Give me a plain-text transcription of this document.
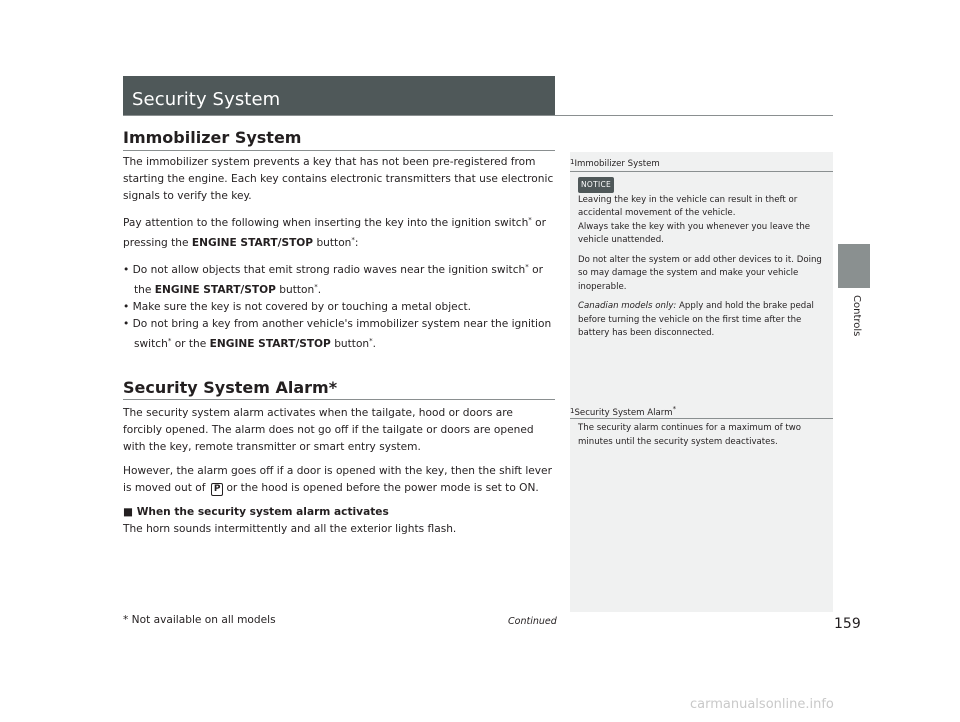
Security System
Controls
Immobilizer System

The immobilizer system prevents a key that has not been pre-registered from starting the engine. Each key contains electronic transmitters that use electronic signals to verify the key.

Pay attention to the following when inserting the key into the ignition switch* or pressing the ENGINE START/STOP button*:

• Do not allow objects that emit strong radio waves near the ignition switch* or the ENGINE START/STOP button*.
• Make sure the key is not covered by or touching a metal object.
• Do not bring a key from another vehicle's immobilizer system near the ignition switch* or the ENGINE START/STOP button*.
Security System Alarm*

The security system alarm activates when the tailgate, hood or doors are forcibly opened. The alarm does not go off if the tailgate or doors are opened with the key, remote transmitter or smart entry system.

However, the alarm goes off if a door is opened with the key, then the shift lever is moved out of P or the hood is opened before the power mode is set to ON.

■ When the security system alarm activates
The horn sounds intermittently and all the exterior lights flash.
$^1$Immobilizer System
NOTICE
Leaving the key in the vehicle can result in theft or accidental movement of the vehicle.

Always take the key with you whenever you leave the vehicle unattended.

Do not alter the system or add other devices to it. Doing so may damage the system and make your vehicle inoperable.

Canadian models only: Apply and hold the brake pedal before turning the vehicle on the first time after the battery has been disconnected.

$^1$Security System Alarm*
The security alarm continues for a maximum of two minutes until the security system deactivates.
* Not available on all models	Continued	159
carmanualsonline.info
